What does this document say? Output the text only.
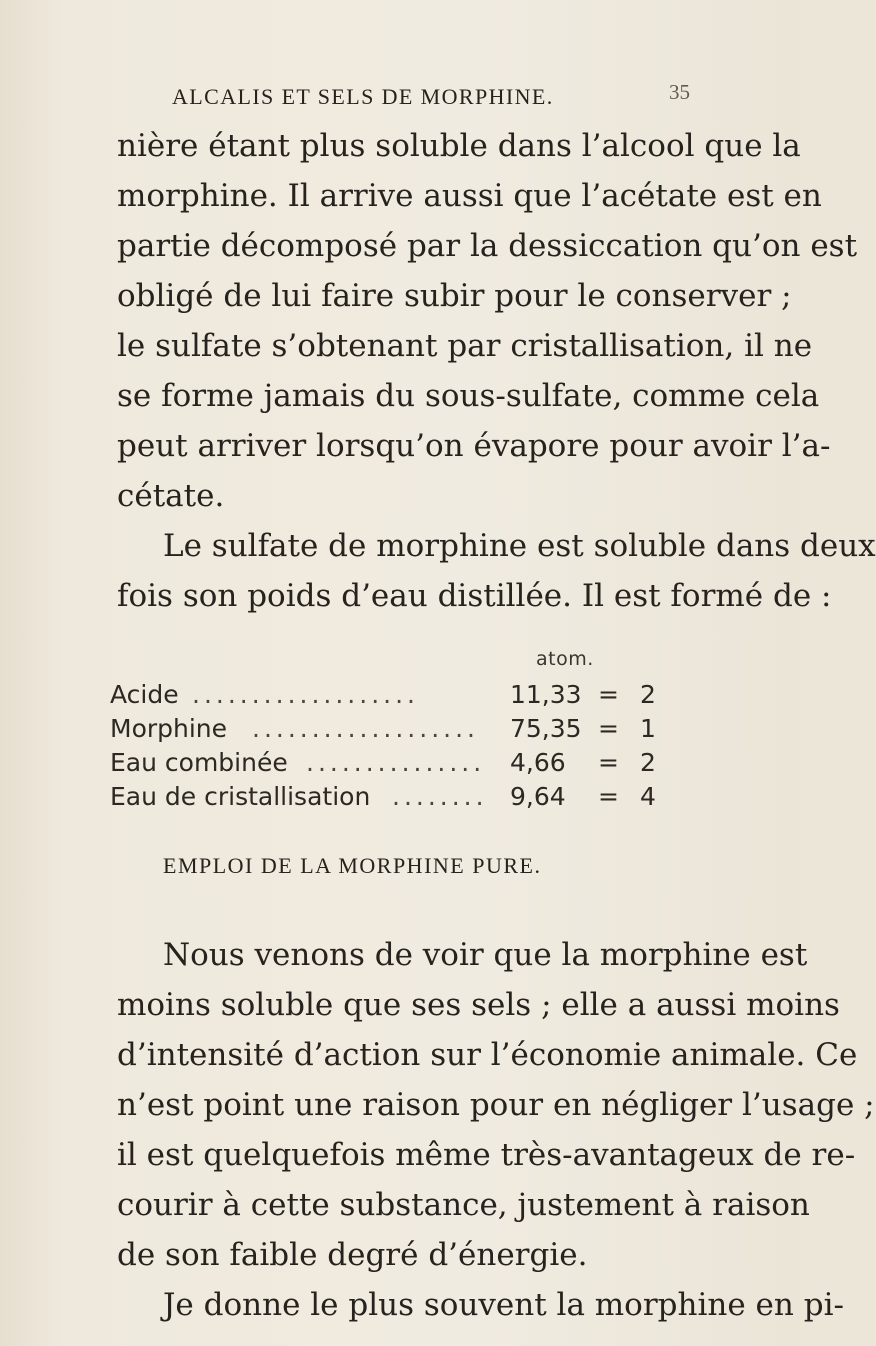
ALCALIS ET SELS DE MORPHINE.	35
nière étant plus soluble dans l’alcool que la
morphine. Il arrive aussi que l’acétate est en
partie décomposé par la dessiccation qu’on est
obligé de lui faire subir pour le conserver ;
le sulfate s’obtenant par cristallisation, il ne
se forme jamais du sous-sulfate, comme cela
peut arriver lorsqu’on évapore pour avoir l’a-
cétate.
Le sulfate de morphine est soluble dans deux
fois son poids d’eau distillée. Il est formé de :
atom.
Acide ...................	11,33 = 2
Morphine ................... 75,35 = 1
Eau combinée ............... 4,66 = 2
Eau de cristallisation ........ 9,64 = 4
EMPLOI DE LA MORPHINE PURE.
Nous venons de voir que la morphine est
moins soluble que ses sels ; elle a aussi moins
d’intensité d’action sur l’économie animale. Ce
n’est point une raison pour en négliger l’usage ;
il est quelquefois même très-avantageux de re-
courir à cette substance, justement à raison
de son faible degré d’énergie.
Je donne le plus souvent la morphine en pi-
